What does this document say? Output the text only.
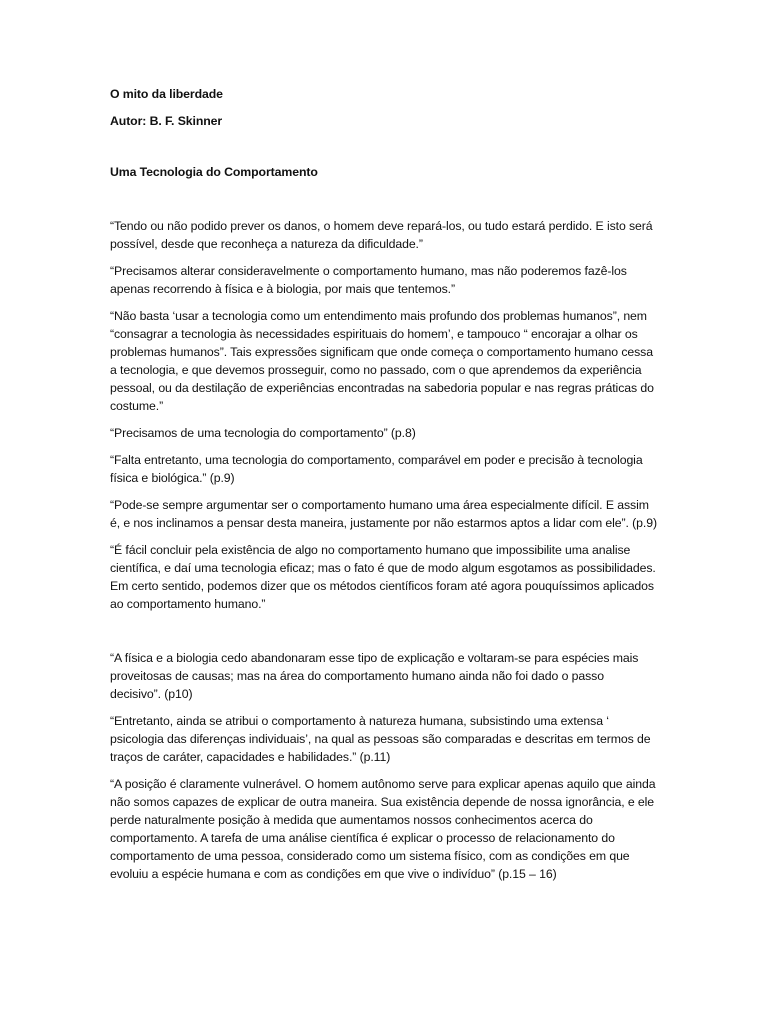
O mito da liberdade

Autor: B. F. Skinner

Uma Tecnologia do Comportamento

“Tendo ou não podido prever os danos, o homem deve repará-los, ou tudo estará perdido. E isto será possível, desde que reconheça a natureza da dificuldade.”

“Precisamos alterar consideravelmente o comportamento humano, mas não poderemos fazê-los apenas recorrendo à física e à biologia, por mais que tentemos.”

“Não basta ‘usar a tecnologia como um entendimento mais profundo dos problemas humanos”, nem “consagrar a tecnologia às necessidades espirituais do homem’, e tampouco “ encorajar a olhar os problemas humanos”. Tais expressões significam que onde começa o comportamento humano cessa a tecnologia, e que devemos prosseguir, como no passado, com o que aprendemos da experiência pessoal, ou da destilação de experiências encontradas na sabedoria popular e nas regras práticas do costume.”

“Precisamos de uma tecnologia do comportamento” (p.8)

“Falta entretanto, uma tecnologia do comportamento, comparável em poder e precisão à tecnologia física e biológica.” (p.9)

“Pode-se sempre argumentar ser o comportamento humano uma área especialmente difícil. E assim é, e nos inclinamos a pensar desta maneira, justamente por não estarmos aptos a lidar com ele”. (p.9)

“É fácil concluir pela existência de algo no comportamento humano que impossibilite uma analise científica, e daí uma tecnologia eficaz; mas o fato é que de modo algum esgotamos as possibilidades. Em certo sentido, podemos dizer que os métodos científicos foram até agora pouquíssimos aplicados ao comportamento humano.”

“A física e a biologia cedo abandonaram esse tipo de explicação e voltaram-se para espécies mais proveitosas de causas; mas na área do comportamento humano ainda não foi dado o passo decisivo”. (p10)

“Entretanto, ainda se atribui o comportamento à natureza humana, subsistindo uma extensa ‘ psicologia das diferenças individuais’, na qual as pessoas são comparadas e descritas em termos de traços de caráter, capacidades e habilidades.” (p.11)

“A posição é claramente vulnerável. O homem autônomo serve para explicar apenas aquilo que ainda não somos capazes de explicar de outra maneira. Sua existência depende de nossa ignorância, e ele perde naturalmente posição à medida que aumentamos nossos conhecimentos acerca do comportamento. A tarefa de uma análise científica é explicar o processo de relacionamento do comportamento de uma pessoa, considerado como um sistema físico, com as condições em que evoluiu a espécie humana e com as condições em que vive o indivíduo” (p.15 – 16)
